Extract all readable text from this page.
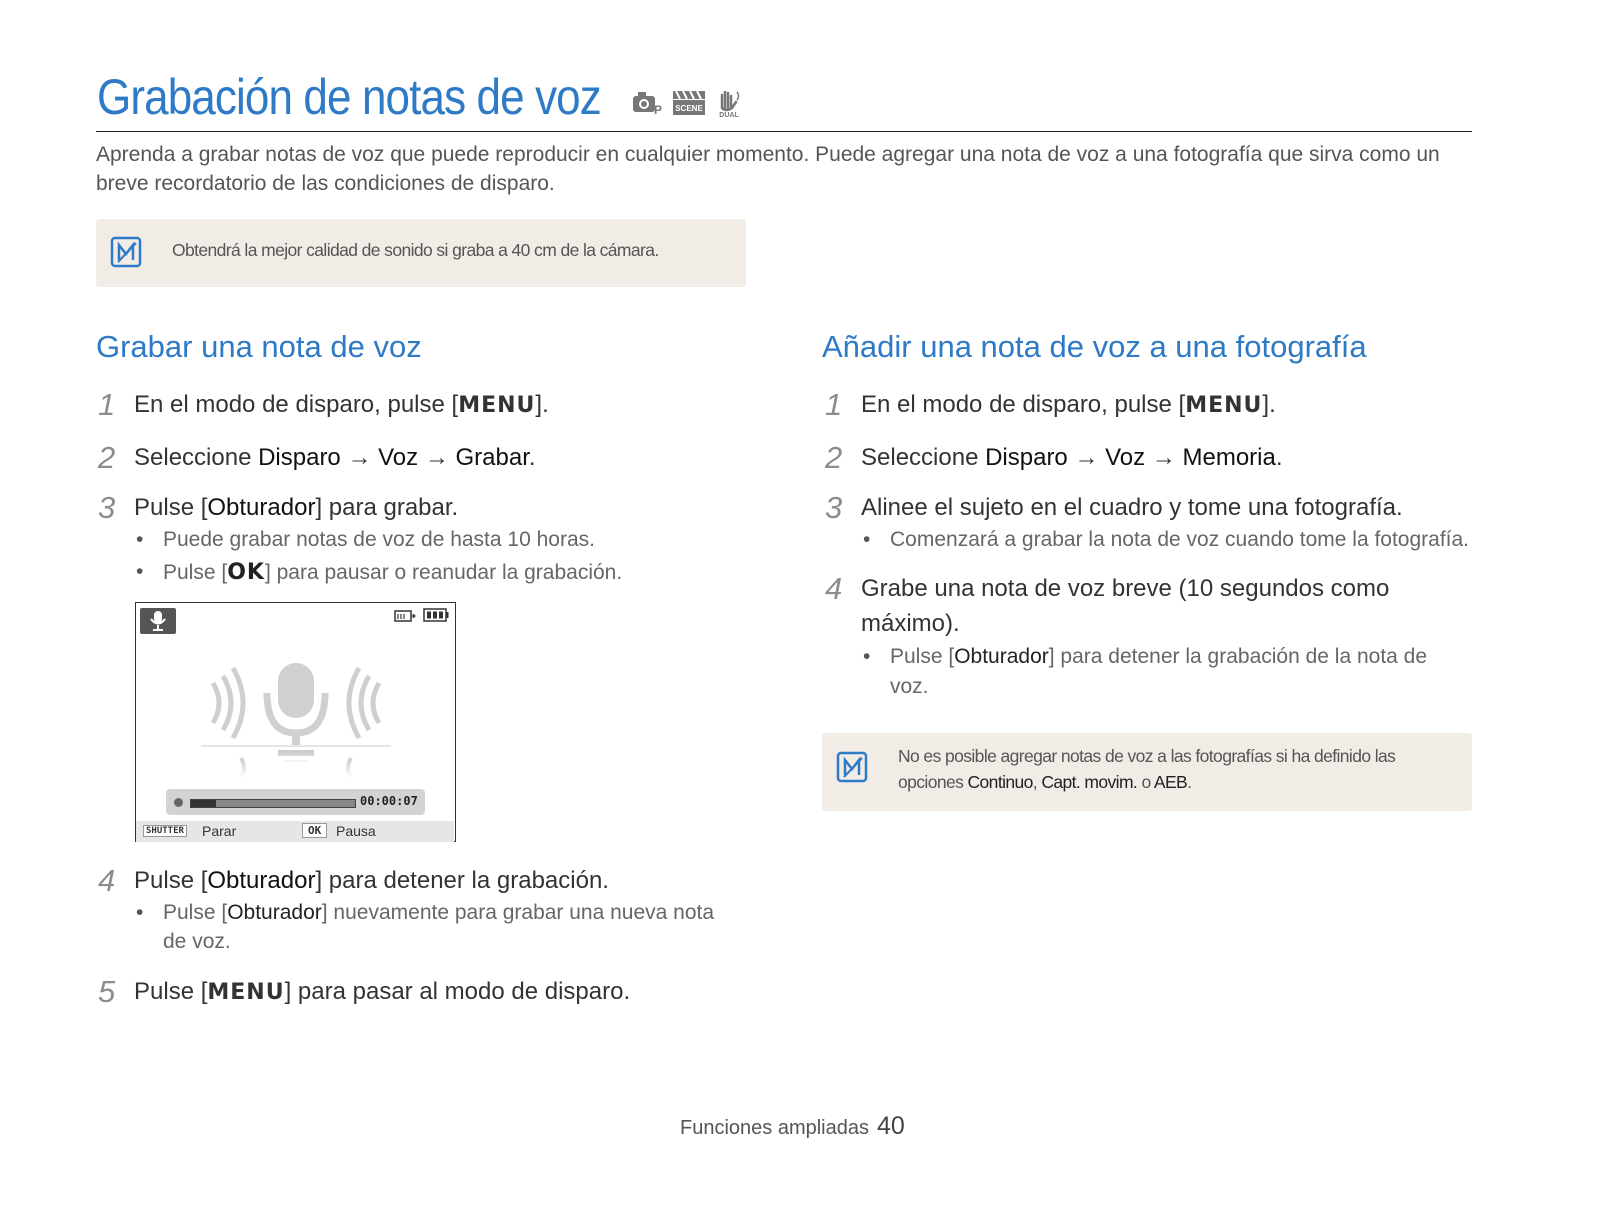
Grabación de notas de voz	P SCENE
DUAL
Aprenda a grabar notas de voz que puede reproducir en cualquier momento. Puede agregar una nota de voz a una fotografía que sirva como un breve recordatorio de las condiciones de disparo.
Obtendrá la mejor calidad de sonido si graba a 40 cm de la cámara.
Grabar una nota de voz
1 En el modo de disparo, pulse [MENU].
2 Seleccione Disparo → Voz → Grabar.
3 Pulse [Obturador] para grabar.
• Puede grabar notas de voz de hasta 10 horas.
• Pulse [OK] para pausar o reanudar la grabación.
00:00:07
SHUTTER Parar	OK	Pausa
4 Pulse [Obturador] para detener la grabación.
• Pulse [Obturador] nuevamente para grabar una nueva nota
de voz.
5 Pulse [MENU] para pasar al modo de disparo.
Añadir una nota de voz a una fotografía
1 En el modo de disparo, pulse [MENU].
2 Seleccione Disparo → Voz → Memoria.
3 Alinee el sujeto en el cuadro y tome una fotografía.
• Comenzará a grabar la nota de voz cuando tome la fotografía.
4 Grabe una nota de voz breve (10 segundos como
máximo).
• Pulse [Obturador] para detener la grabación de la nota de
voz.
No es posible agregar notas de voz a las fotografías si ha definido las
opciones Continuo, Capt. movim. o AEB.
Funciones ampliadas 40
